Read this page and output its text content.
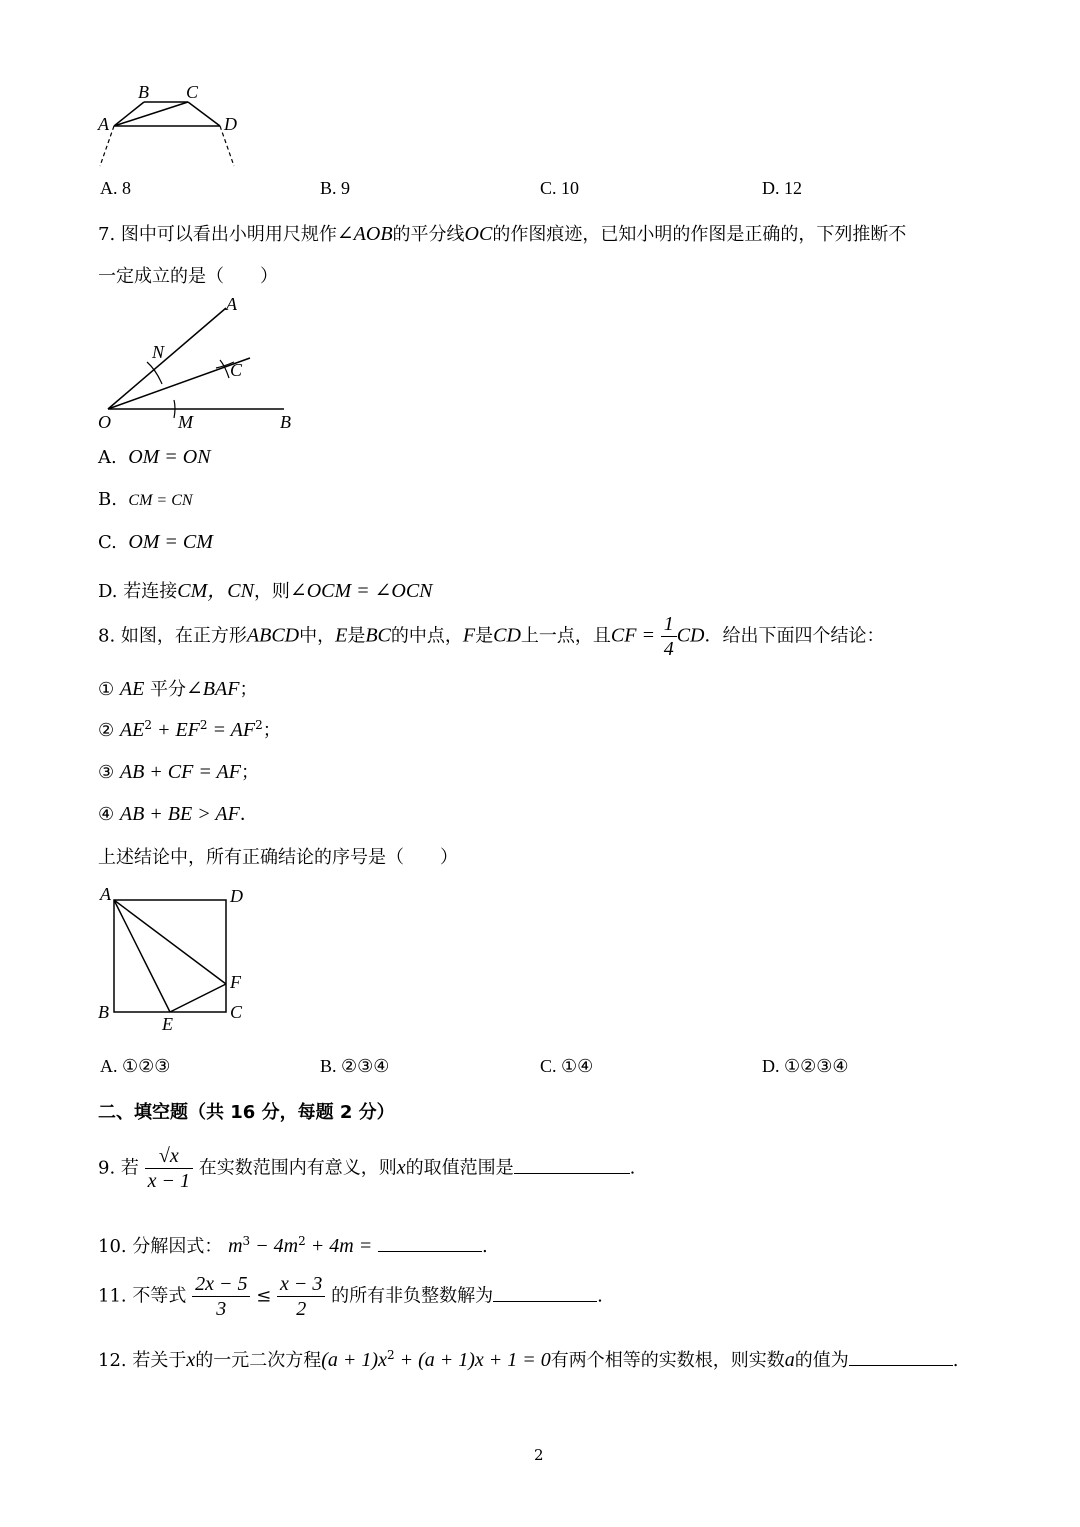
A
B C
D
A. 8	B. 9	C. 10	D. 12
7. 图中可以看出小明用尺规作∠AOB的平分线OC的作图痕迹，已知小明的作图是正确的，下列推断不
一定成立的是（　　）
A
N
C
O	M	B
A. OM = ON
B. CM = CN
C. OM = CM
D. 若连接CM，CN，则∠OCM = ∠OCN
8. 如图，在正方形ABCD中，E是BC的中点，F是CD上一点，且CF = $\frac{1}{4}$ CD．给出下面四个结论：
① AE 平分∠BAF；
② $AE^2 + EF^2 = AF^2$；
③ AB + CF = AF；
④ AB + BE > AF．
上述结论中，所有正确结论的序号是（　　）
A	D
F
B
E
C
A. ①②③	B. ②③④	C. ①④	D. ①②③④
二、填空题（共 16 分，每题 2 分）
9. 若 $\frac{√x}{x - 1}$ 在实数范围内有意义，则x的取值范围是	.
10. 分解因式： $m^3 - 4m^2 + 4m$ =	.
11. 不等式 $\frac{2x - 5}{3} \le \frac{x - 3}{2}$ 的所有非负整数解为	.
12. 若关于x的一元二次方程$(a + 1)x^2 + (a + 1)x + 1 = 0$有两个相等的实数根，则实数a的值为	.
2
